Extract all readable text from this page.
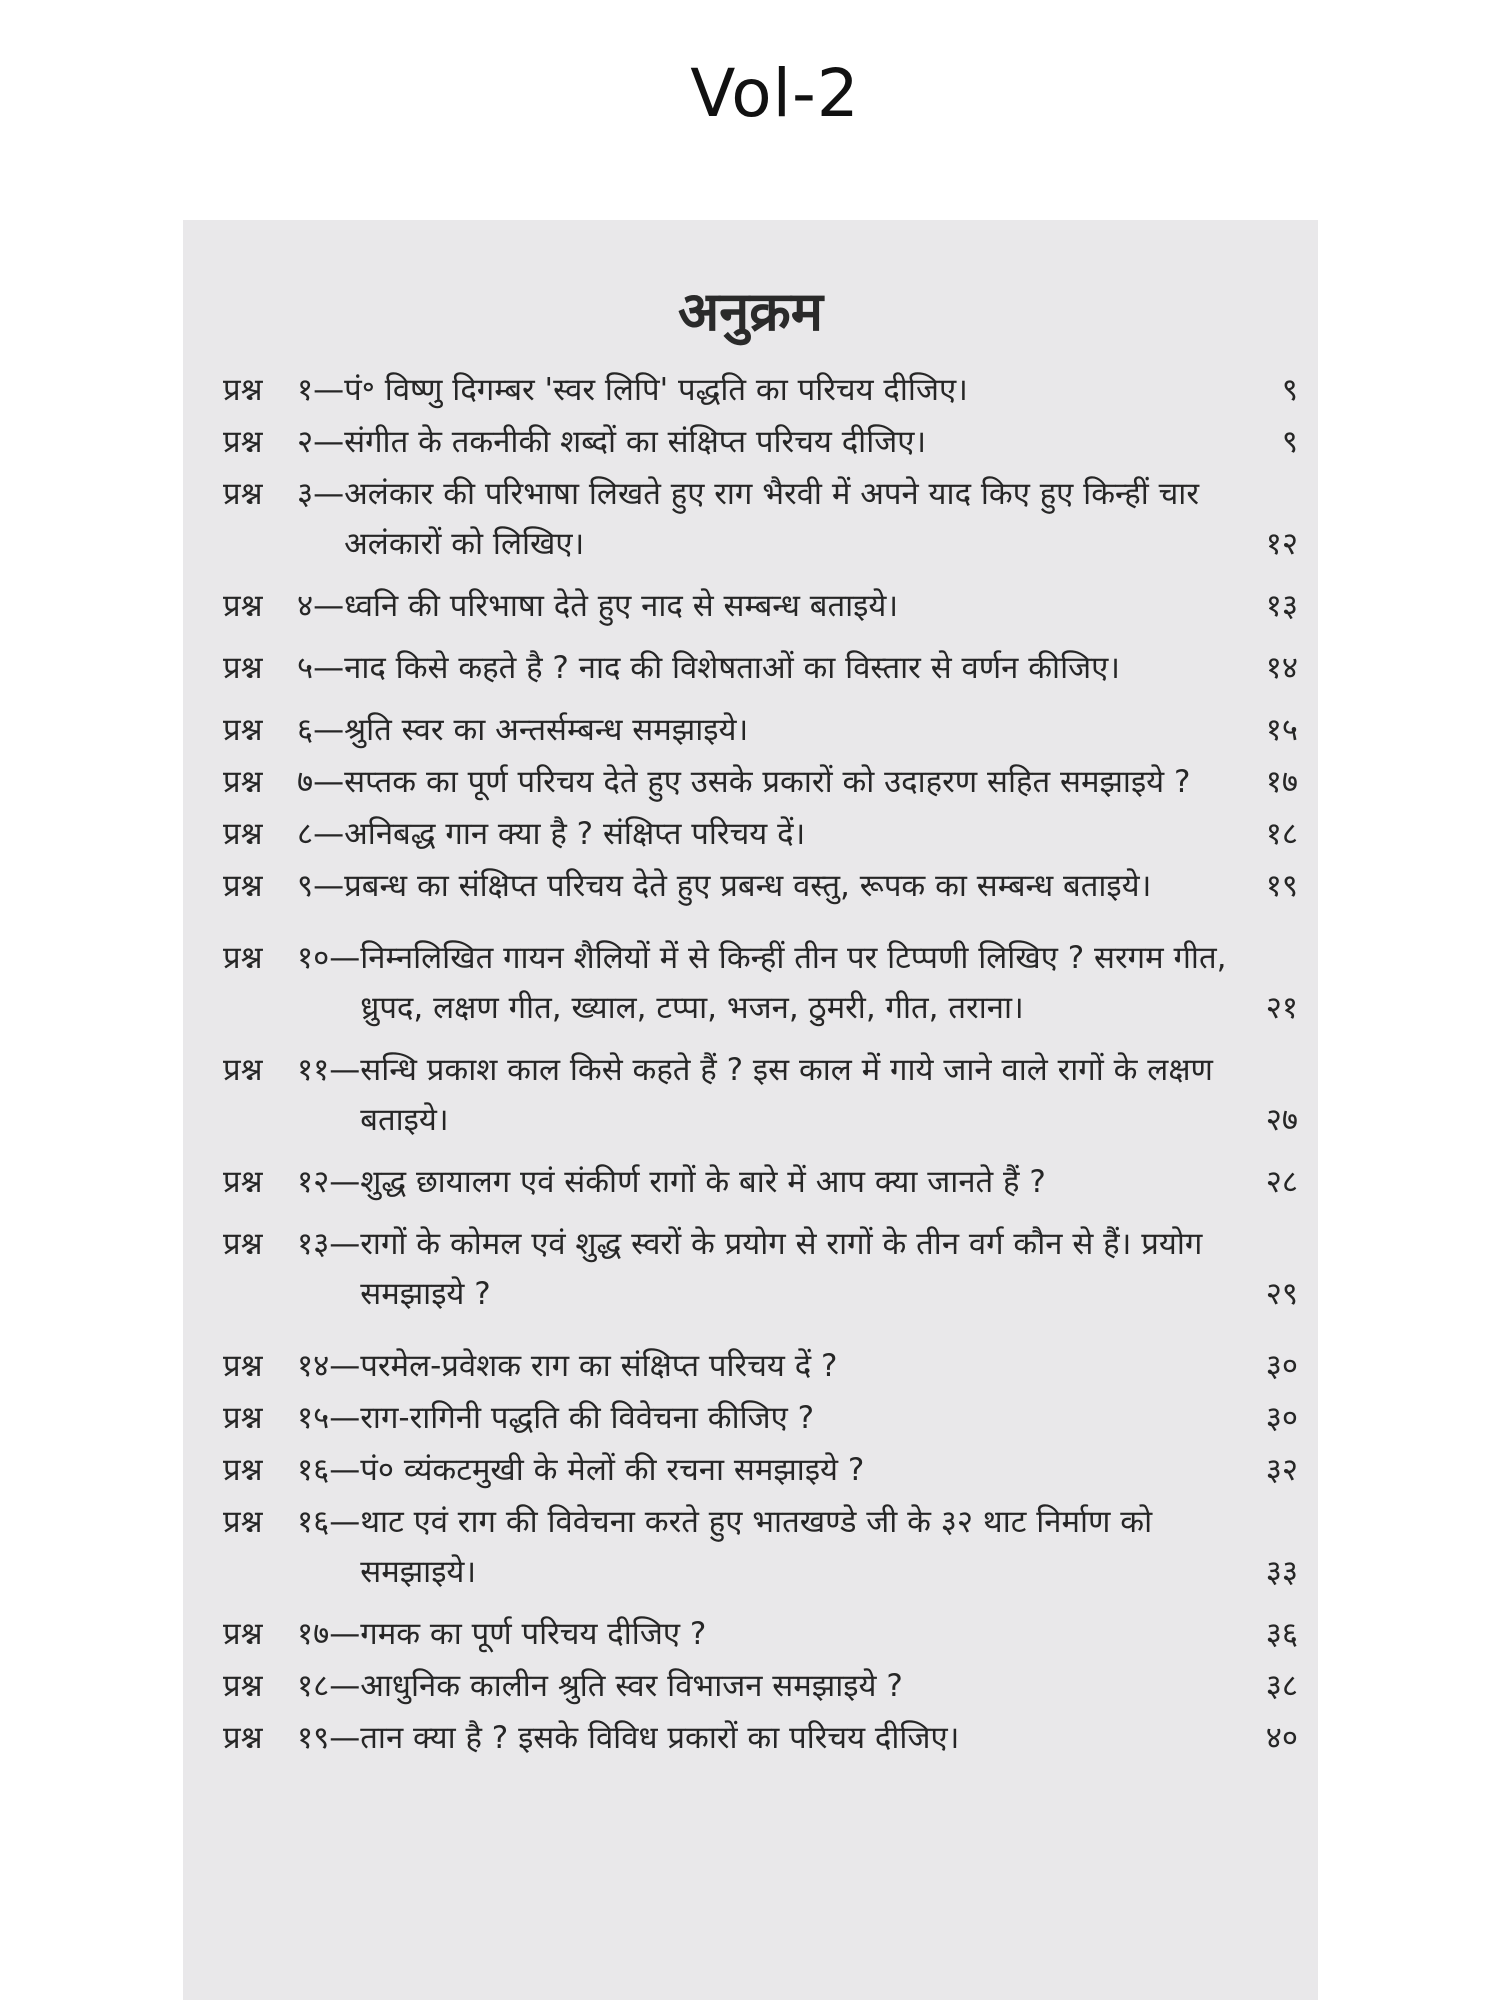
Vol-2
अनुक्रम
प्रश्न	१— पं॰ विष्णु दिगम्बर 'स्वर लिपि' पद्धति का परिचय दीजिए।	९
प्रश्न	२— संगीत के तकनीकी शब्दों का संक्षिप्त परिचय दीजिए।	९
प्रश्न	३— अलंकार की परिभाषा लिखते हुए राग भैरवी में अपने याद किए हुए किन्हीं चार अलंकारों को लिखिए।	१२
प्रश्न	४— ध्वनि की परिभाषा देते हुए नाद से सम्बन्ध बताइये।	१३
प्रश्न	५— नाद किसे कहते है ? नाद की विशेषताओं का विस्तार से वर्णन कीजिए।	१४
प्रश्न	६— श्रुति स्वर का अन्तर्सम्बन्ध समझाइये।	१५
प्रश्न	७— सप्तक का पूर्ण परिचय देते हुए उसके प्रकारों को उदाहरण सहित समझाइये ?	१७
प्रश्न	८— अनिबद्ध गान क्या है ? संक्षिप्त परिचय दें।	१८
प्रश्न	९— प्रबन्ध का संक्षिप्त परिचय देते हुए प्रबन्ध वस्तु, रूपक का सम्बन्ध बताइये।	१९
प्रश्न	१०— निम्नलिखित गायन शैलियों में से किन्हीं तीन पर टिप्पणी लिखिए ? सरगम गीत, ध्रुपद, लक्षण गीत, ख्याल, टप्पा, भजन, ठुमरी, गीत, तराना।	२१
प्रश्न	११— सन्धि प्रकाश काल किसे कहते हैं ? इस काल में गाये जाने वाले रागों के लक्षण बताइये।	२७
प्रश्न	१२— शुद्ध छायालग एवं संकीर्ण रागों के बारे में आप क्या जानते हैं ?	२८
प्रश्न	१३— रागों के कोमल एवं शुद्ध स्वरों के प्रयोग से रागों के तीन वर्ग कौन से हैं। प्रयोग समझाइये ?	२९
प्रश्न	१४— परमेल-प्रवेशक राग का संक्षिप्त परिचय दें ?	३०
प्रश्न	१५— राग-रागिनी पद्धति की विवेचना कीजिए ?	३०
प्रश्न	१६— पं० व्यंकटमुखी के मेलों की रचना समझाइये ?	३२
प्रश्न	१६— थाट एवं राग की विवेचना करते हुए भातखण्डे जी के ३२ थाट निर्माण को समझाइये।	३३
प्रश्न	१७— गमक का पूर्ण परिचय दीजिए ?	३६
प्रश्न	१८— आधुनिक कालीन श्रुति स्वर विभाजन समझाइये ?	३८
प्रश्न	१९— तान क्या है ? इसके विविध प्रकारों का परिचय दीजिए।	४०
